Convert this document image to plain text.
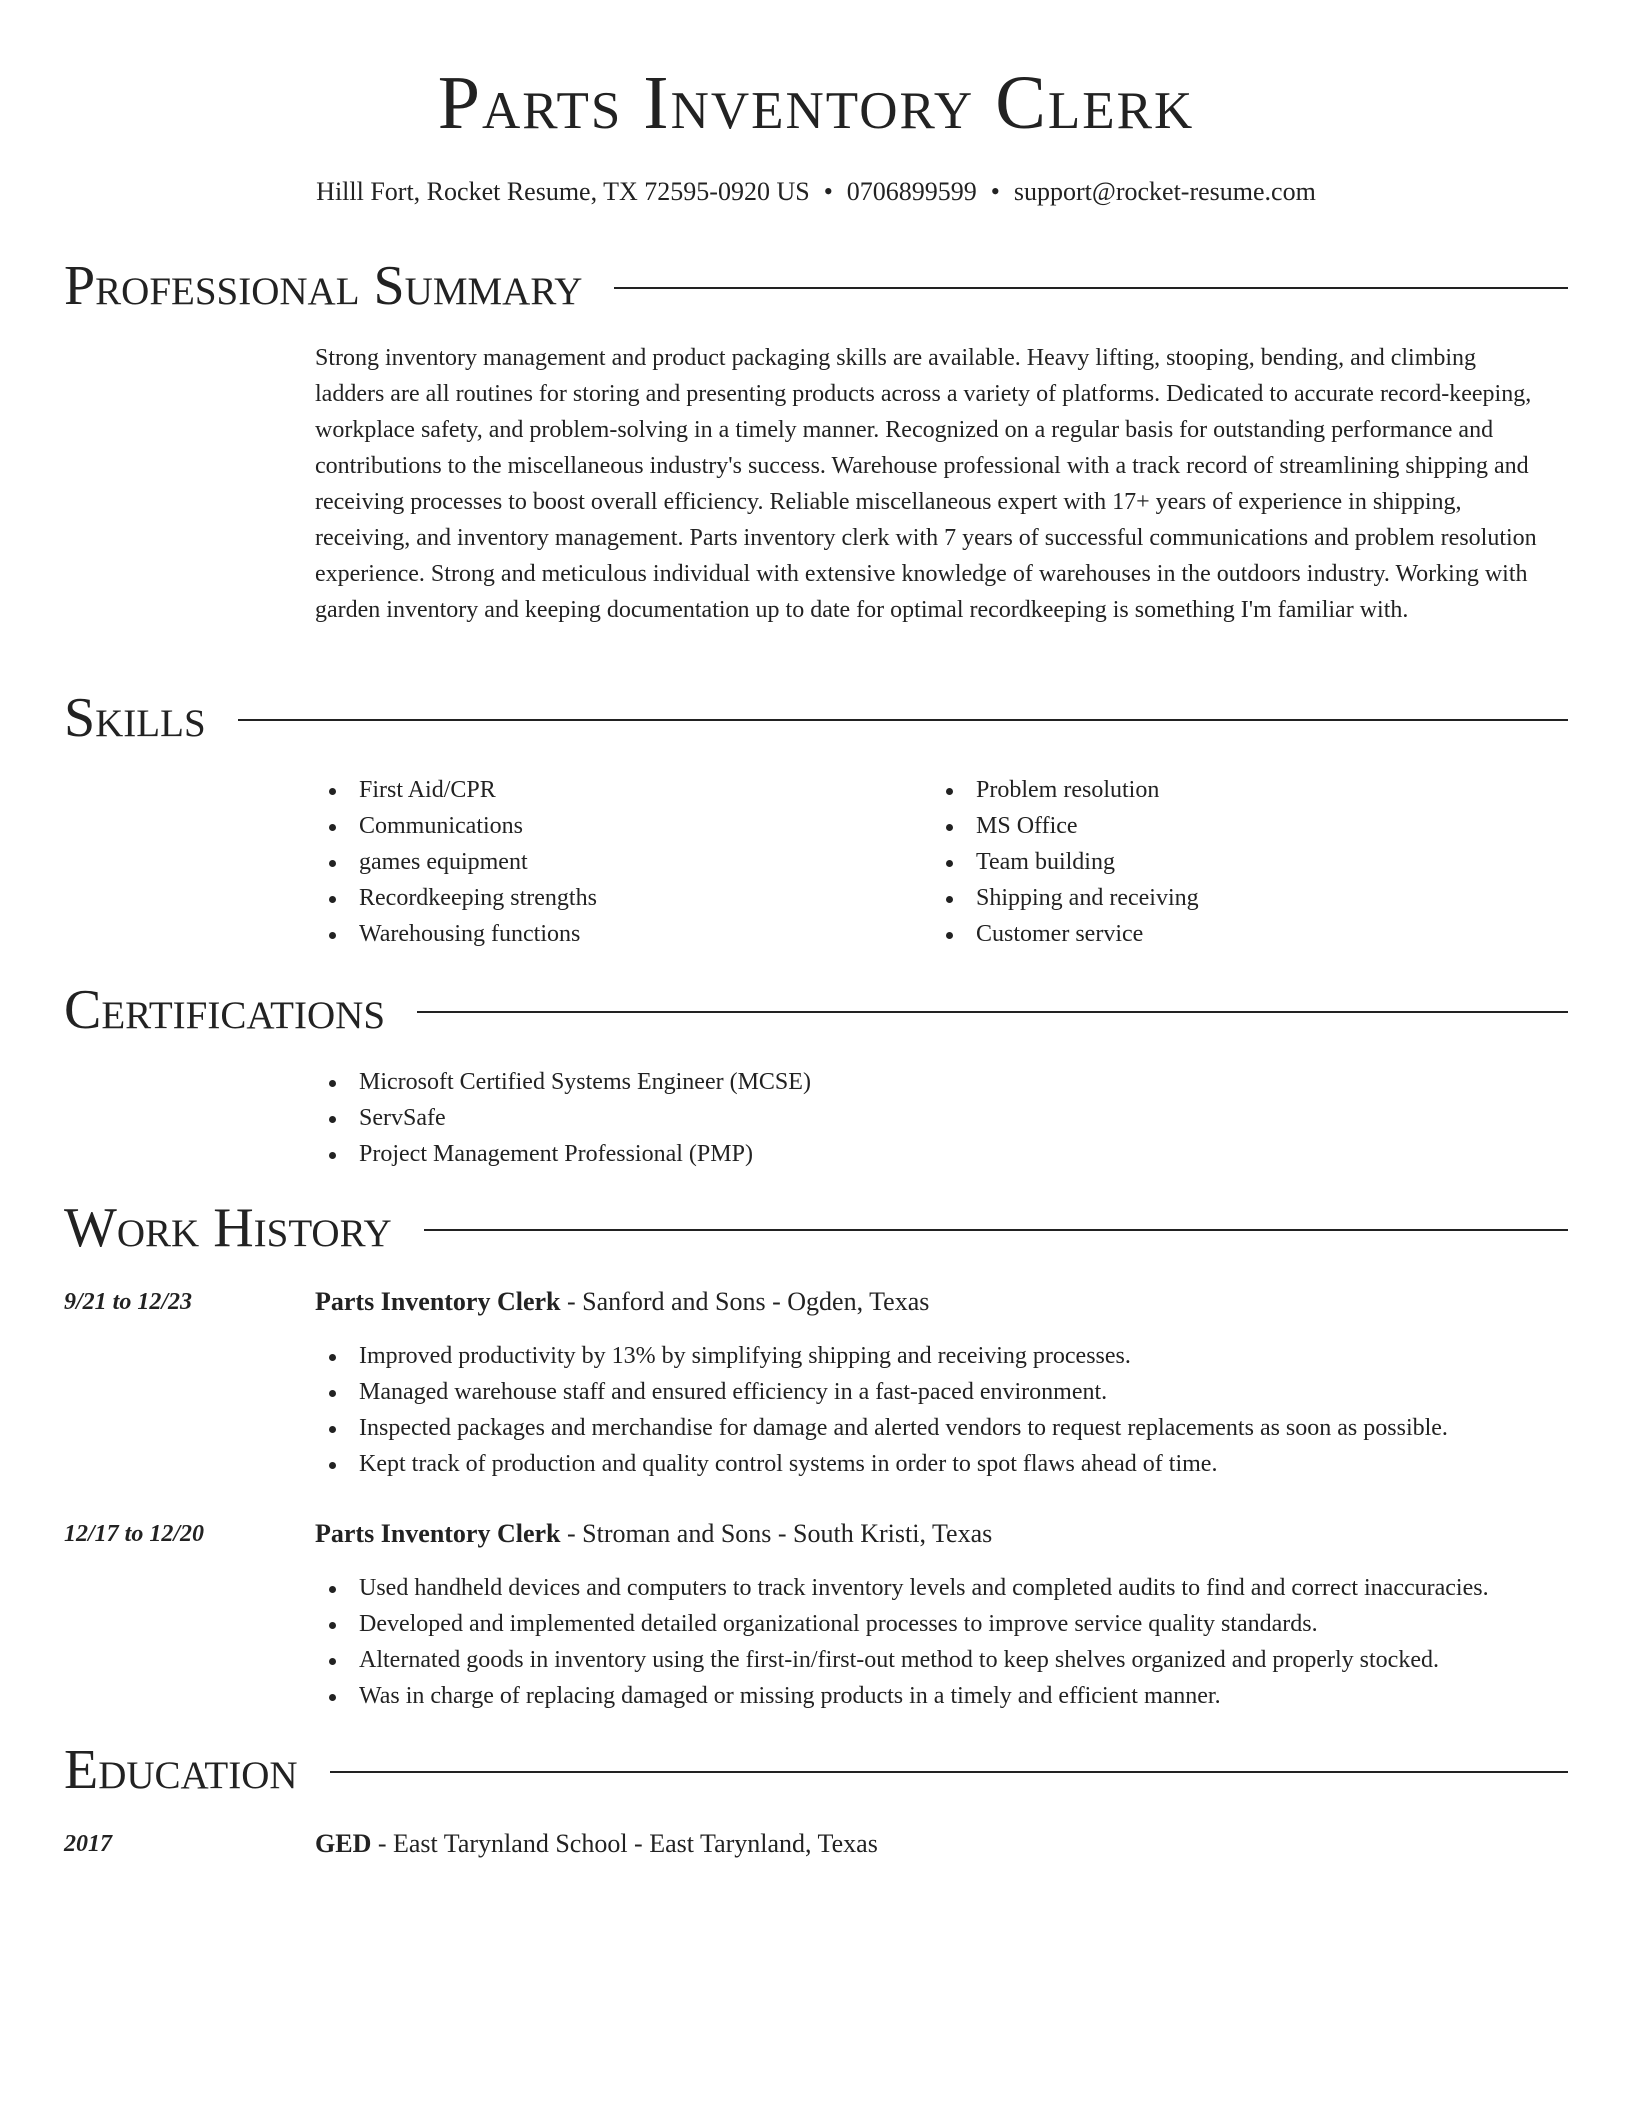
Parts Inventory Clerk
Hilll Fort, Rocket Resume, TX 72595-0920 US • 0706899599 • support@rocket-resume.com
Professional Summary

Strong inventory management and product packaging skills are available. Heavy lifting, stooping, bending, and climbing ladders are all routines for storing and presenting products across a variety of platforms. Dedicated to accurate record-keeping, workplace safety, and problem-solving in a timely manner. Recognized on a regular basis for outstanding performance and contributions to the miscellaneous industry's success. Warehouse professional with a track record of streamlining shipping and receiving processes to boost overall efficiency. Reliable miscellaneous expert with 17+ years of experience in shipping, receiving, and inventory management. Parts inventory clerk with 7 years of successful communications and problem resolution experience. Strong and meticulous individual with extensive knowledge of warehouses in the outdoors industry. Working with garden inventory and keeping documentation up to date for optimal recordkeeping is something I'm familiar with.

Skills
First Aid/CPR
Communications
games equipment
Recordkeeping strengths
Warehousing functions
Problem resolution
MS Office
Team building
Shipping and receiving
Customer service
Certifications
Microsoft Certified Systems Engineer (MCSE)
ServSafe
Project Management Professional (PMP)
Work History
9/21 to 12/23	Parts Inventory Clerk - Sanford and Sons - Ogden, Texas
Improved productivity by 13% by simplifying shipping and receiving processes.
Managed warehouse staff and ensured efficiency in a fast-paced environment.
Inspected packages and merchandise for damage and alerted vendors to request replacements as soon as possible.
Kept track of production and quality control systems in order to spot flaws ahead of time.
12/17 to 12/20	Parts Inventory Clerk - Stroman and Sons - South Kristi, Texas
Used handheld devices and computers to track inventory levels and completed audits to find and correct inaccuracies.
Developed and implemented detailed organizational processes to improve service quality standards.
Alternated goods in inventory using the first-in/first-out method to keep shelves organized and properly stocked.
Was in charge of replacing damaged or missing products in a timely and efficient manner.
Education
2017	GED - East Tarynland School - East Tarynland, Texas
